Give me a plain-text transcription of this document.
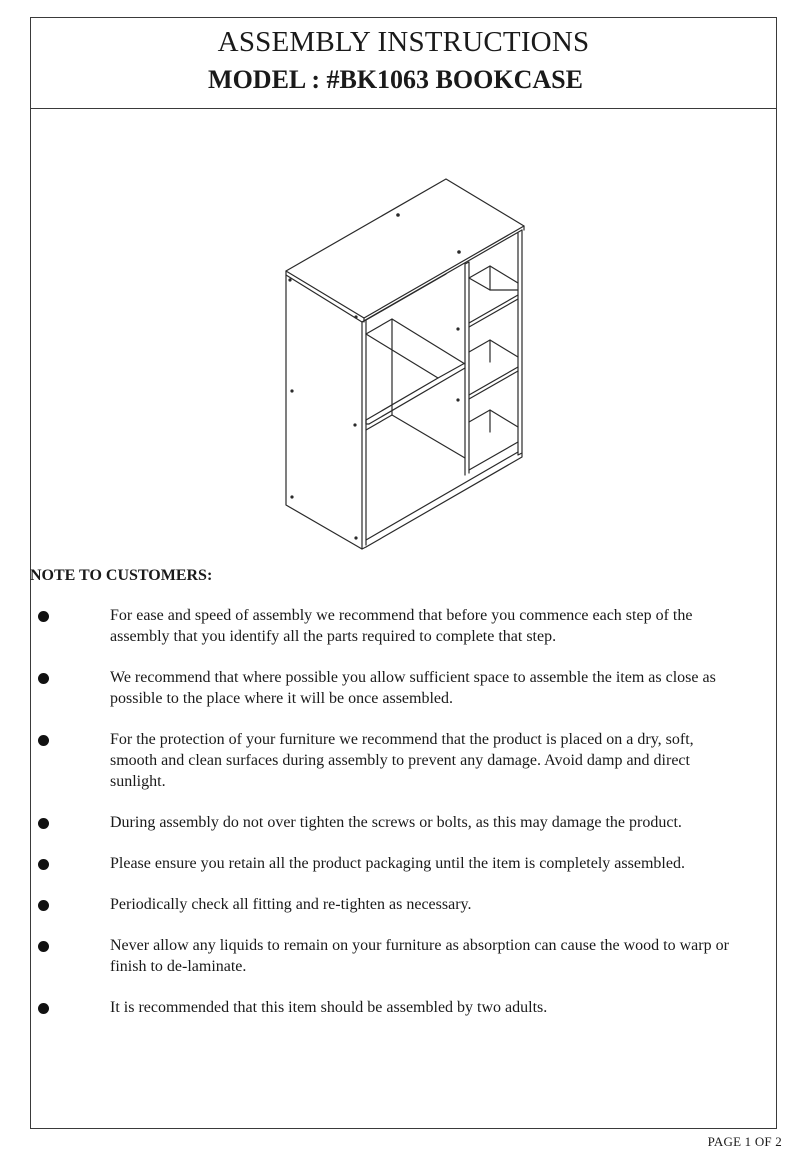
ASSEMBLY INSTRUCTIONS
MODEL : #BK1063 BOOKCASE
NOTE TO CUSTOMERS:
For ease and speed of assembly we recommend that before you commence each step of the assembly that you identify all the parts required to complete that step.
We recommend that where possible you allow sufficient space to assemble the item as close as possible to the place where it will be once assembled.
For the protection of your furniture we recommend that the product is placed on a dry, soft, smooth and clean surfaces during assembly to prevent any damage. Avoid damp and direct sunlight.
During assembly do not over tighten the screws or bolts, as this may damage the product.
Please ensure you retain all the product packaging until the item is completely assembled.
Periodically check all fitting and re-tighten as necessary.
Never allow any liquids to remain on your furniture as absorption can cause the wood to warp or finish to de-laminate.
It is recommended that this item should be assembled by two adults.
PAGE 1 OF 2
